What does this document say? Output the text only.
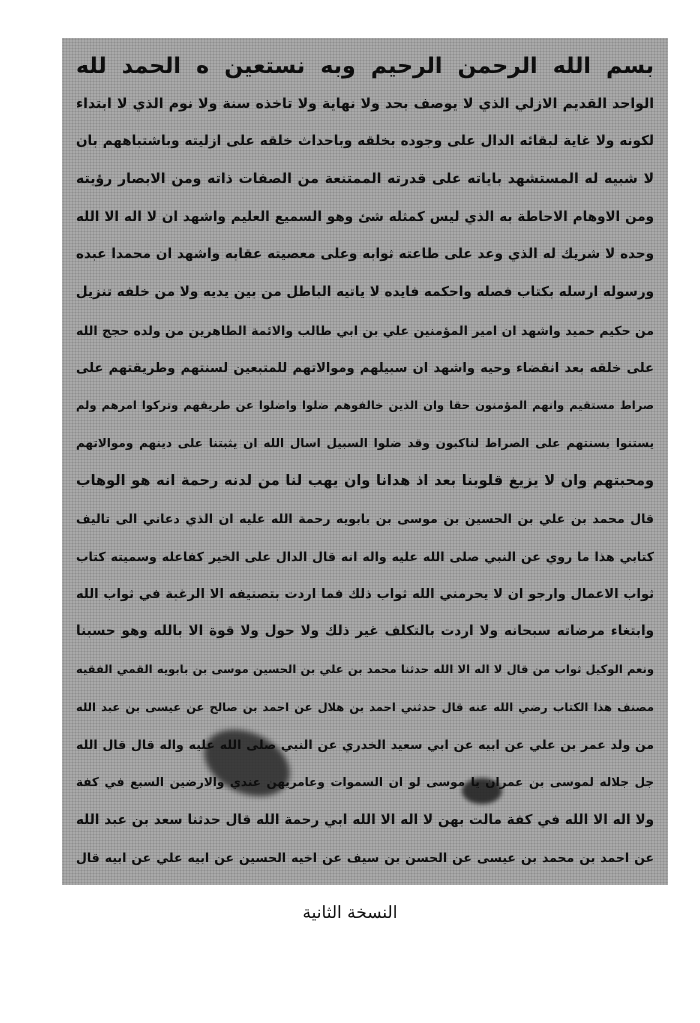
بسم الله الرحمن الرحيم وبه نستعين ه الحمد لله
الواحد القديم الازلي الذي لا يوصف بحد ولا نهاية ولا تاخذه سنة ولا نوم الذي لا ابتداء
لكونه ولا غاية لبقائه الدال على وجوده بخلقه وباحداث خلقه على ازليته وباشتباههم بان
لا شبيه له المستشهد باياته على قدرته الممتنعة من الصفات ذاته ومن الابصار رؤيته
ومن الاوهام الاحاطة به الذي ليس كمثله شئ وهو السميع العليم واشهد ان لا اله الا الله
وحده لا شريك له الذي وعد على طاعته ثوابه وعلى معصيته عقابه واشهد ان محمدا عبده
ورسوله ارسله بكتاب فصله واحكمه فايده لا ياتيه الباطل من بين يديه ولا من خلفه تنزيل
من حكيم حميد واشهد ان امير المؤمنين علي بن ابي طالب والائمة الطاهرين من ولده حجج الله
على خلقه بعد انقضاء وحيه واشهد ان سبيلهم وموالاتهم للمتبعين لسنتهم وطريقتهم على
صراط مستقيم وانهم المؤمنون حقا وان الذين خالفوهم ضلوا واضلوا عن طريقهم وتركوا امرهم ولم
يستنوا بسنتهم على الصراط لناكبون وقد ضلوا السبيل اسال الله ان يثبتنا على دينهم وموالاتهم
ومحبتهم وان لا يزيغ قلوبنا بعد اذ هدانا وان يهب لنا من لدنه رحمة انه هو الوهاب
قال محمد بن علي بن الحسين بن موسى بن بابويه رحمة الله عليه ان الذي دعاني الى تاليف
كتابي هذا ما روي عن النبي صلى الله عليه واله انه قال الدال على الخير كفاعله وسميته كتاب
ثواب الاعمال وارجو ان لا يحرمني الله ثواب ذلك فما اردت بتصنيفه الا الرغبة في ثواب الله
وابتغاء مرضاته سبحانه ولا اردت بالتكلف غير ذلك ولا حول ولا قوة الا بالله وهو حسبنا
ونعم الوكيل ثواب من قال لا اله الا الله حدثنا محمد بن علي بن الحسين موسى بن بابويه القمي الفقيه
مصنف هذا الكتاب رضي الله عنه قال حدثني احمد بن هلال عن احمد بن صالح عن عيسى بن عبد الله
من ولد عمر بن علي عن ابيه عن ابي سعيد الخدري عن النبي صلى الله عليه واله قال قال الله
جل جلاله لموسى بن عمران يا موسى لو ان السموات وعامريهن عندي والارضين السبع في كفة
ولا اله الا الله في كفة مالت بهن لا اله الا الله ابي رحمة الله قال حدثنا سعد بن عبد الله
عن احمد بن محمد بن عيسى عن الحسن بن سيف عن اخيه الحسين عن ابيه علي عن ابيه قال
النسخة الثانية
